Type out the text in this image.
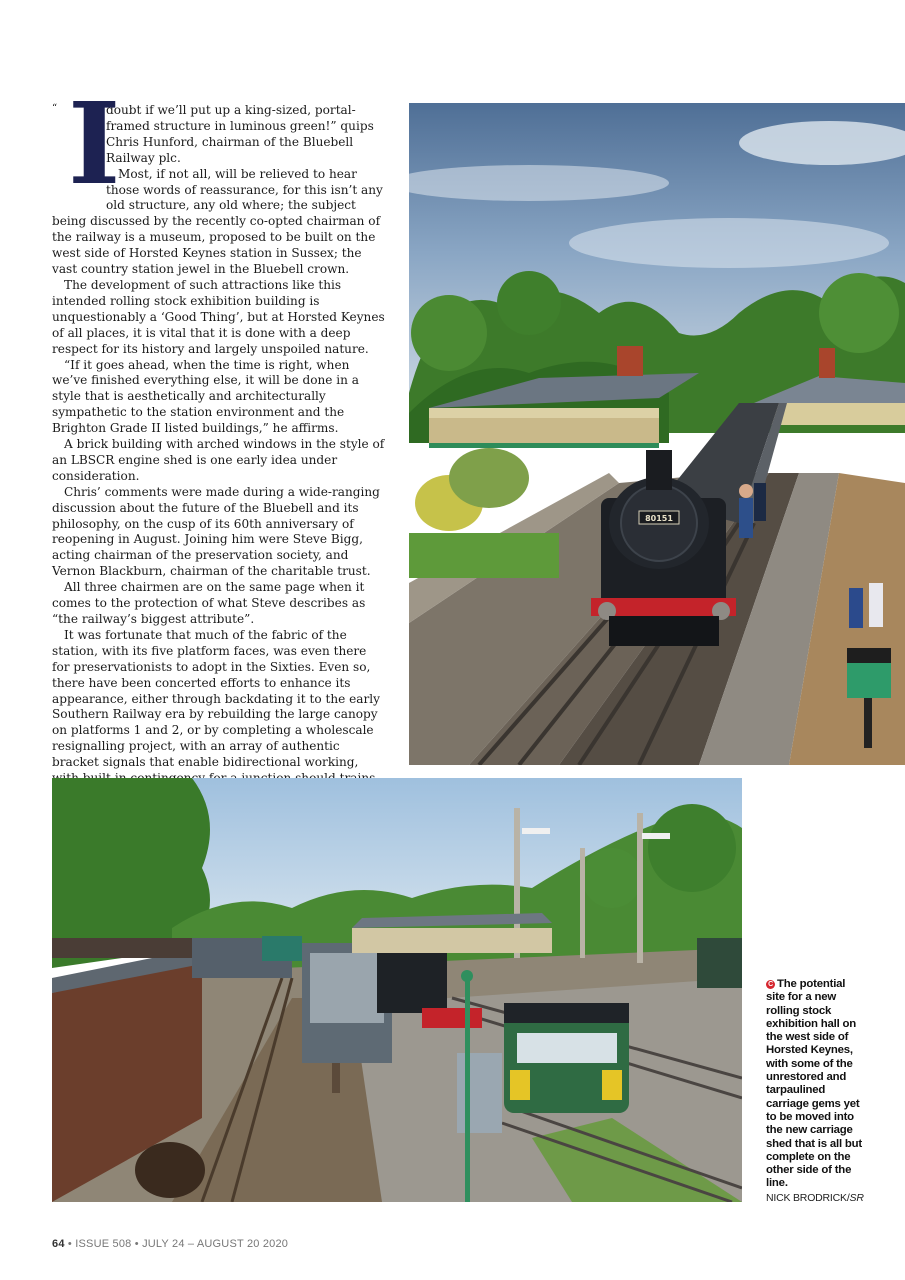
“ I
doubt if we’ll put up a king-sized, portal-framed structure in luminous green!” quips Chris Hunford, chairman of the Bluebell Railway plc.

Most, if not all, will be relieved to hear those words of reassurance, for this isn’t any old structure, any old where; the subject being discussed by the recently co-opted chairman of the railway is a museum, proposed to be built on the west side of Horsted Keynes station in Sussex; the vast country station jewel in the Bluebell crown.

The development of such attractions like this intended rolling stock exhibition building is unquestionably a ‘Good Thing’, but at Horsted Keynes of all places, it is vital that it is done with a deep respect for its history and largely unspoiled nature.

“If it goes ahead, when the time is right, when we’ve finished everything else, it will be done in a style that is aesthetically and architecturally sympathetic to the station environment and the Brighton Grade II listed buildings,” he affirms.

A brick building with arched windows in the style of an LBSCR engine shed is one early idea under consideration.

Chris’ comments were made during a wide-ranging discussion about the future of the Bluebell and its philosophy, on the cusp of its 60th anniversary of reopening in August. Joining him were Steve Bigg, acting chairman of the preservation society, and Vernon Blackburn, chairman of the charitable trust.

All three chairmen are on the same page when it comes to the protection of what Steve describes as “the railway’s biggest attribute”.

It was fortunate that much of the fabric of the station, with its five platform faces, was even there for preservationists to adopt in the Sixties. Even so, there have been concerted efforts to enhance its appearance, either through backdating it to the early Southern Railway era by rebuilding the large canopy on platforms 1 and 2, or by completing a wholescale resignalling project, with an array of authentic bracket signals that enable bidirectional working,

80151
C The potential site for a new rolling stock exhibition hall on the west side of Horsted Keynes, with some of the unrestored and tarpaulined carriage gems yet to be moved into the new carriage shed that is all but complete on the other side of the line.
NICK BRODRICK/SR
64 • ISSUE 508 • JULY 24 – AUGUST 20 2020
